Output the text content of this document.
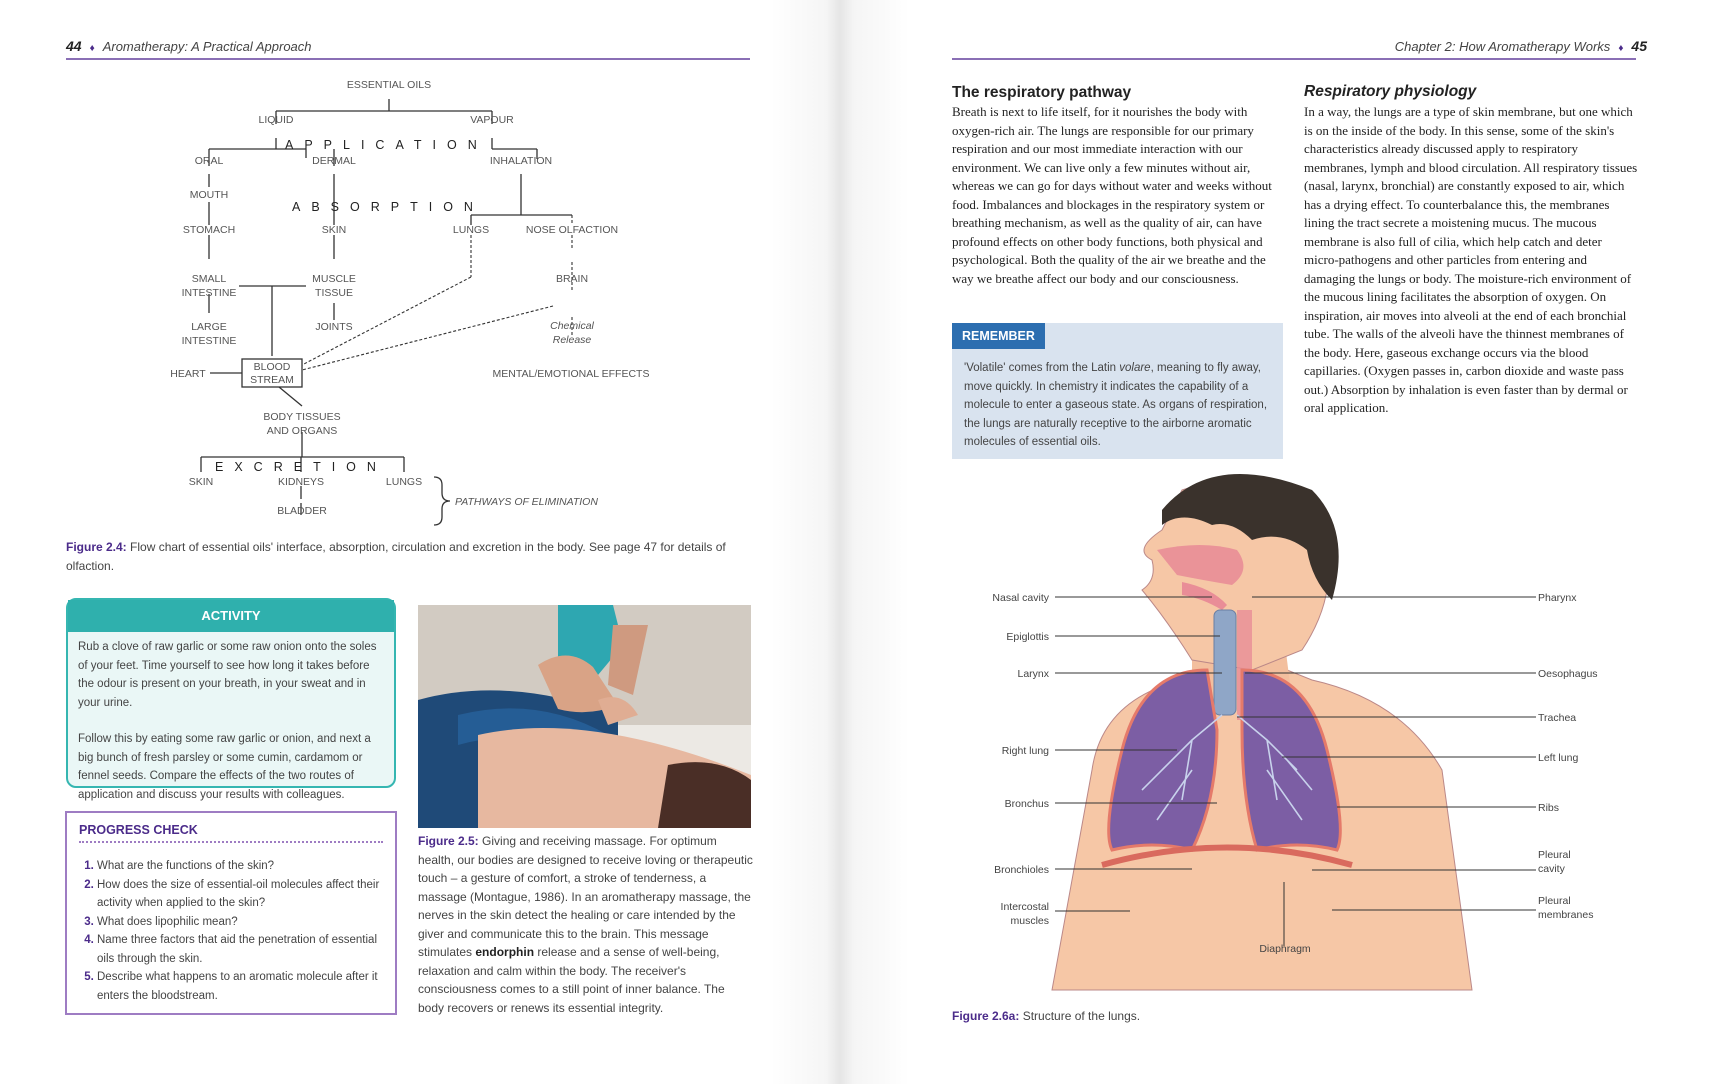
44 ♦ Aromatherapy: A Practical Approach
ESSENTIAL OILS
LIQUID	VAPOUR
ORAL	DERMAL	INHALATION
MOUTH
STOMACH	SKIN	LUNGS	NOSE OLFACTION
SMALL
INTESTINE
MUSCLE
TISSUE
BRAIN
LARGE
INTESTINE
JOINTS	Chemical
Release
HEART
BLOOD
STREAM	MENTAL/EMOTIONAL EFFECTS
BODY TISSUES
AND ORGANS
SKIN	KIDNEYS	LUNGS
BLADDER
PATHWAYS OF ELIMINATION
APPLICATION
ABSORPTION
EXCRETION
Figure 2.4: Flow chart of essential oils' interface, absorption, circulation and excretion in the body. See page 47 for details of olfaction.
ACTIVITY

Rub a clove of raw garlic or some raw onion onto the soles of your feet. Time yourself to see how long it takes before the odour is present on your breath, in your sweat and in your urine.

Follow this by eating some raw garlic or onion, and next a big bunch of fresh parsley or some cumin, cardamom or fennel seeds. Compare the effects of the two routes of application and discuss your results with colleagues.

PROGRESS CHECK
1. What are the functions of the skin?
2. How does the size of essential-oil molecules affect their activity when applied to the skin?
3. What does lipophilic mean?
4. Name three factors that aid the penetration of essential oils through the skin.
5. Describe what happens to an aromatic molecule after it enters the bloodstream.
Figure 2.5: Giving and receiving massage. For optimum health, our bodies are designed to receive loving or therapeutic touch – a gesture of comfort, a stroke of tenderness, a massage (Montague, 1986). In an aromatherapy massage, the nerves in the skin detect the healing or care intended by the giver and communicate this to the brain. This message stimulates endorphin release and a sense of well-being, relaxation and calm within the body. The receiver's consciousness comes to a still point of inner balance. The body recovers or renews its essential integrity.
Chapter 2: How Aromatherapy Works ♦ 45
The respiratory pathway
Breath is next to life itself, for it nourishes the body with oxygen-rich air. The lungs are responsible for our primary respiration and our most immediate interaction with our environment. We can live only a few minutes without air, whereas we can go for days without water and weeks without food. Imbalances and blockages in the respiratory system or breathing mechanism, as well as the quality of air, can have profound effects on other body functions, both physical and psychological. Both the quality of the air we breathe and the way we breathe affect our body and our consciousness.
Respiratory physiology
In a way, the lungs are a type of skin membrane, but one which is on the inside of the body. In this sense, some of the skin's characteristics already discussed apply to respiratory membranes, lymph and blood circulation. All respiratory tissues (nasal, larynx, bronchial) are constantly exposed to air, which has a drying effect. To counterbalance this, the membranes lining the tract secrete a moistening mucus. The mucous membrane is also full of cilia, which help catch and deter micro-pathogens and other particles from entering and damaging the lungs or body. The moisture-rich environment of the mucous lining facilitates the absorption of oxygen. On inspiration, air moves into alveoli at the end of each bronchial tube. The walls of the alveoli have the thinnest membranes of the body. Here, gaseous exchange occurs via the blood capillaries. (Oxygen passes in, carbon dioxide and waste pass out.) Absorption by inhalation is even faster than by dermal or oral application.
REMEMBER

'Volatile' comes from the Latin volare, meaning to fly away, move quickly. In chemistry it indicates the capability of a molecule to enter a gaseous state. As organs of respiration, the lungs are naturally receptive to the airborne aromatic molecules of essential oils.

Nasal cavity
Epiglottis
Larynx
Right lung
Bronchus
Bronchioles
Intercostal
muscles
Pharynx
Oesophagus
Trachea
Left lung
Ribs
Pleural
cavity
Pleural
membranes
Diaphragm
Figure 2.6a: Structure of the lungs.
